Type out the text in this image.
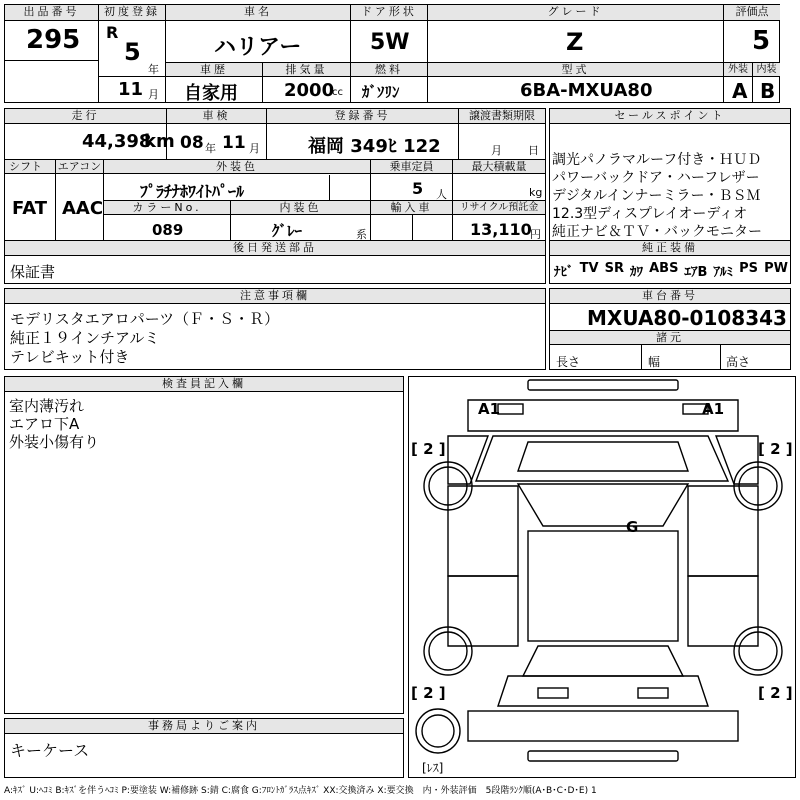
出品番号
295
初度登録
R
5
年
11 月
車名
ハリアー
ドア形状
5W
グレード
Z
評価点
5
車歴
自家用
排気量
2000
cc
燃料
ｶﾞｿﾘﾝ
型式
6BA-MXUA80
外装 内装
A B
走行
44,398
km
車検
08 年 11 月
登録番号
福岡 349ﾋ 122
譲渡書類期限
月 日
シフト
FAT
エアコン
AAC
外装色
ﾌﾟﾗﾁﾅﾎﾜｲﾄﾊﾟｰﾙ
乗車定員
5 人
最大積載量
kg
カラーNo.
089
内装色
ｸﾞﾚｰ	系
輸入車	リサイクル預託金
13,110
円
後日発送部品
保証書
セールスポイント
調光パノラマルーフ付き・ＨＵＤ
パワーバックドア・ハーフレザー
デジタルインナーミラー・ＢＳＭ
12.3型ディスプレイオーディオ
純正ナビ＆ＴＶ・バックモニター
純正装備
ﾅﾋﾞ TV SR ｶﾜ ABS ｴｱB ｱﾙﾐ PS PW
注意事項欄
モデリスタエアロパーツ（Ｆ・Ｓ・Ｒ）
純正１９インチアルミ
テレビキット付き
車台番号
MXUA80-0108343
諸元
長さ	幅	高さ
検査員記入欄
室内薄汚れ
エアロ下A
外装小傷有り
事務局よりご案内
キーケース
A1	A1
[ 2 ]	[ 2 ]
G
[ 2 ]	[ 2 ]
[ﾚｽ]
A:ｷｽﾞ U:ﾍｺﾐ B:ｷｽﾞを伴うﾍｺﾐ P:要塗装 W:補修跡 S:錆 C:腐食 G:ﾌﾛﾝﾄｶﾞﾗｽ点ｷｽﾞ XX:交換済み X:要交換　内・外装評価　5段階ﾗﾝｸ順(A･B･C･D･E) 1
